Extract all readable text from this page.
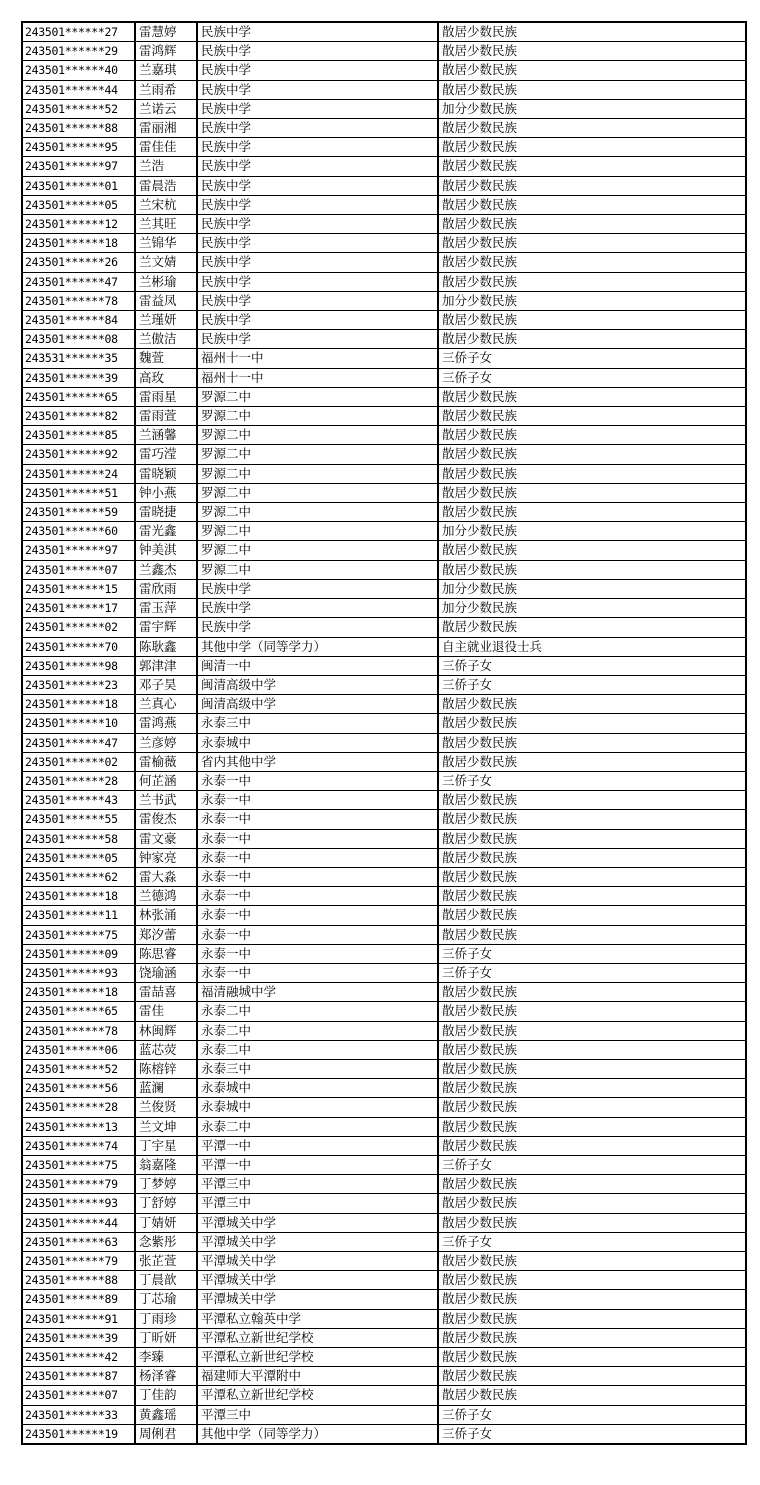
243501******27	雷慧婷	民族中学	散居少数民族
243501******29	雷鸿辉	民族中学	散居少数民族
243501******40	兰嘉琪	民族中学	散居少数民族
243501******44	兰雨希	民族中学	散居少数民族
243501******52	兰诺云	民族中学	加分少数民族
243501******88	雷丽湘	民族中学	散居少数民族
243501******95	雷佳佳	民族中学	散居少数民族
243501******97	兰浩	民族中学	散居少数民族
243501******01	雷晨浩	民族中学	散居少数民族
243501******05	兰宋杭	民族中学	散居少数民族
243501******12	兰其旺	民族中学	散居少数民族
243501******18	兰锦华	民族中学	散居少数民族
243501******26	兰文婧	民族中学	散居少数民族
243501******47	兰彬瑜	民族中学	散居少数民族
243501******78	雷益凤	民族中学	加分少数民族
243501******84	兰瑾妍	民族中学	散居少数民族
243501******08	兰傲洁	民族中学	散居少数民族
243531******35	魏萱	福州十一中	三侨子女
243501******39	高玫	福州十一中	三侨子女
243501******65	雷雨星	罗源二中	散居少数民族
243501******82	雷雨萱	罗源二中	散居少数民族
243501******85	兰涵馨	罗源二中	散居少数民族
243501******92	雷巧滢	罗源二中	散居少数民族
243501******24	雷晓颖	罗源二中	散居少数民族
243501******51	钟小燕	罗源二中	散居少数民族
243501******59	雷晓捷	罗源二中	散居少数民族
243501******60	雷光鑫	罗源二中	加分少数民族
243501******97	钟美淇	罗源二中	散居少数民族
243501******07	兰鑫杰	罗源二中	散居少数民族
243501******15	雷欣雨	民族中学	加分少数民族
243501******17	雷玉萍	民族中学	加分少数民族
243501******02	雷宇辉	民族中学	散居少数民族
243501******70	陈耿鑫	其他中学（同等学力）	自主就业退役士兵
243501******98	郭津津	闽清一中	三侨子女
243501******23	邓子昊	闽清高级中学	三侨子女
243501******18	兰真心	闽清高级中学	散居少数民族
243501******10	雷鸿燕	永泰三中	散居少数民族
243501******47	兰彦婷	永泰城中	散居少数民族
243501******02	雷榆薇	省内其他中学	散居少数民族
243501******28	何芷涵	永泰一中	三侨子女
243501******43	兰书武	永泰一中	散居少数民族
243501******55	雷俊杰	永泰一中	散居少数民族
243501******58	雷文豪	永泰一中	散居少数民族
243501******05	钟家亮	永泰一中	散居少数民族
243501******62	雷大淼	永泰一中	散居少数民族
243501******18	兰德鸿	永泰一中	散居少数民族
243501******11	林张涌	永泰一中	散居少数民族
243501******75	郑汐蕾	永泰一中	散居少数民族
243501******09	陈思睿	永泰一中	三侨子女
243501******93	饶瑜涵	永泰一中	三侨子女
243501******18	雷喆喜	福清融城中学	散居少数民族
243501******65	雷佳	永泰二中	散居少数民族
243501******78	林闽辉	永泰二中	散居少数民族
243501******06	蓝芯荧	永泰二中	散居少数民族
243501******52	陈榕锌	永泰三中	散居少数民族
243501******56	蓝澜	永泰城中	散居少数民族
243501******28	兰俊贤	永泰城中	散居少数民族
243501******13	兰文坤	永泰二中	散居少数民族
243501******74	丁宇星	平潭一中	散居少数民族
243501******75	翁嘉隆	平潭一中	三侨子女
243501******79	丁梦婷	平潭三中	散居少数民族
243501******93	丁舒婷	平潭三中	散居少数民族
243501******44	丁婧妍	平潭城关中学	散居少数民族
243501******63	念紫彤	平潭城关中学	三侨子女
243501******79	张芷萱	平潭城关中学	散居少数民族
243501******88	丁晨歆	平潭城关中学	散居少数民族
243501******89	丁芯瑜	平潭城关中学	散居少数民族
243501******91	丁雨珍	平潭私立翰英中学	散居少数民族
243501******39	丁昕妍	平潭私立新世纪学校	散居少数民族
243501******42	李臻	平潭私立新世纪学校	散居少数民族
243501******87	杨泽睿	福建师大平潭附中	散居少数民族
243501******07	丁佳韵	平潭私立新世纪学校	散居少数民族
243501******33	黄鑫瑶	平潭三中	三侨子女
243501******19	周俐君	其他中学（同等学力）	三侨子女
